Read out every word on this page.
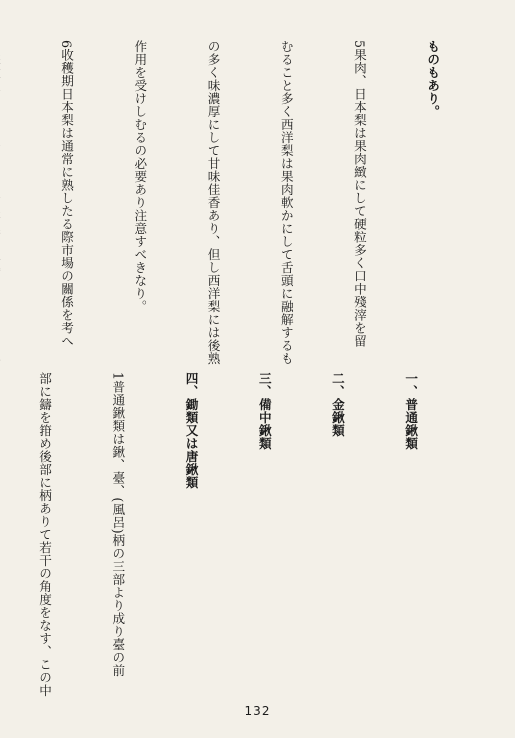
ものもあり。

5果肉、日本梨は果肉緻にして硬粒多く口中殘滓を留

むること多く西洋梨は果肉軟かにして舌頭に融解するも

の多く味濃厚にして甘味佳香あり、但し西洋梨には後熟

作用を受けしむるの必要あり注意すべきなり。

6收穫期日本梨は通常に熟したる際市場の關係を考へ

一、普通鍬類

二、金鍬類

三、備中鍬類

四、鋤類又は唐鍬類

1普通鍬類は鍬、臺、(風呂)柄の三部より成り臺の前

部に鑄を箝め後部に柄ありて若干の角度をなす、この中

132
